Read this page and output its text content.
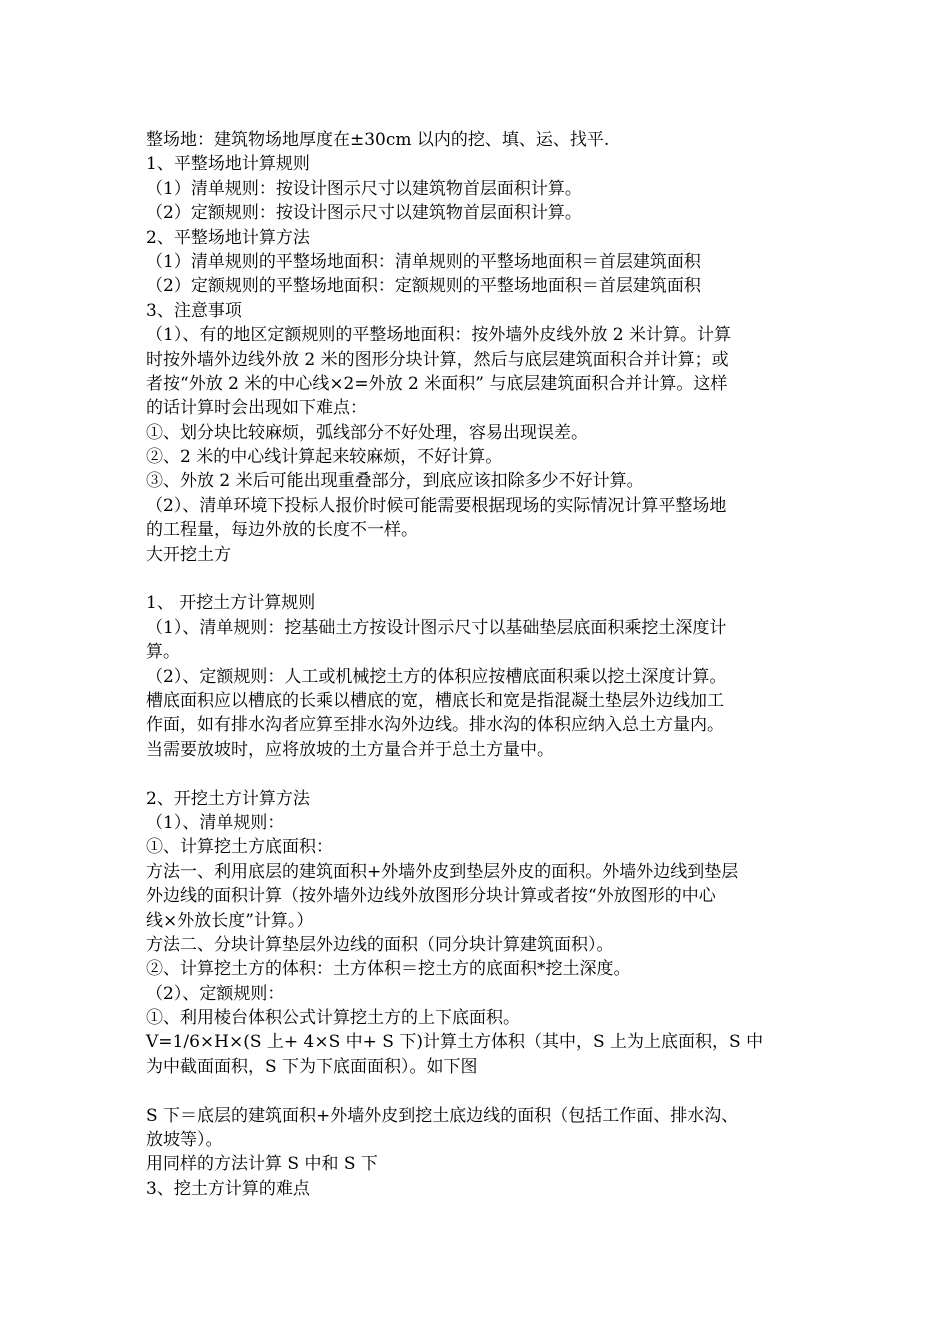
整场地：建筑物场地厚度在±30cm 以内的挖、填、运、找平.
1、平整场地计算规则
（1）清单规则：按设计图示尺寸以建筑物首层面积计算。
（2）定额规则：按设计图示尺寸以建筑物首层面积计算。
2、平整场地计算方法
（1）清单规则的平整场地面积：清单规则的平整场地面积＝首层建筑面积
（2）定额规则的平整场地面积：定额规则的平整场地面积＝首层建筑面积
3、注意事项
（1）、有的地区定额规则的平整场地面积：按外墙外皮线外放 2 米计算。计算
时按外墙外边线外放 2 米的图形分块计算，然后与底层建筑面积合并计算；或
者按“外放 2 米的中心线×2=外放 2 米面积” 与底层建筑面积合并计算。这样
的话计算时会出现如下难点：
①、划分块比较麻烦，弧线部分不好处理，容易出现误差。
②、2 米的中心线计算起来较麻烦，不好计算。
③、外放 2 米后可能出现重叠部分，到底应该扣除多少不好计算。
（2）、清单环境下投标人报价时候可能需要根据现场的实际情况计算平整场地
的工程量，每边外放的长度不一样。
大开挖土方
1、 开挖土方计算规则
（1）、清单规则：挖基础土方按设计图示尺寸以基础垫层底面积乘挖土深度计
算。
（2）、定额规则：人工或机械挖土方的体积应按槽底面积乘以挖土深度计算。
槽底面积应以槽底的长乘以槽底的宽，槽底长和宽是指混凝土垫层外边线加工
作面，如有排水沟者应算至排水沟外边线。排水沟的体积应纳入总土方量内。
当需要放坡时，应将放坡的土方量合并于总土方量中。
2、开挖土方计算方法
（1）、清单规则：
①、计算挖土方底面积：
方法一、利用底层的建筑面积+外墙外皮到垫层外皮的面积。外墙外边线到垫层
外边线的面积计算（按外墙外边线外放图形分块计算或者按“外放图形的中心
线×外放长度”计算。）
方法二、分块计算垫层外边线的面积（同分块计算建筑面积）。
②、计算挖土方的体积：土方体积＝挖土方的底面积*挖土深度。
（2）、定额规则：
①、利用棱台体积公式计算挖土方的上下底面积。
V=1/6×H×(S 上+ 4×S 中+ S 下)计算土方体积（其中，S 上为上底面积，S 中
为中截面面积，S 下为下底面面积）。如下图
S 下＝底层的建筑面积+外墙外皮到挖土底边线的面积（包括工作面、排水沟、
放坡等）。
用同样的方法计算 S 中和 S 下
3、挖土方计算的难点
